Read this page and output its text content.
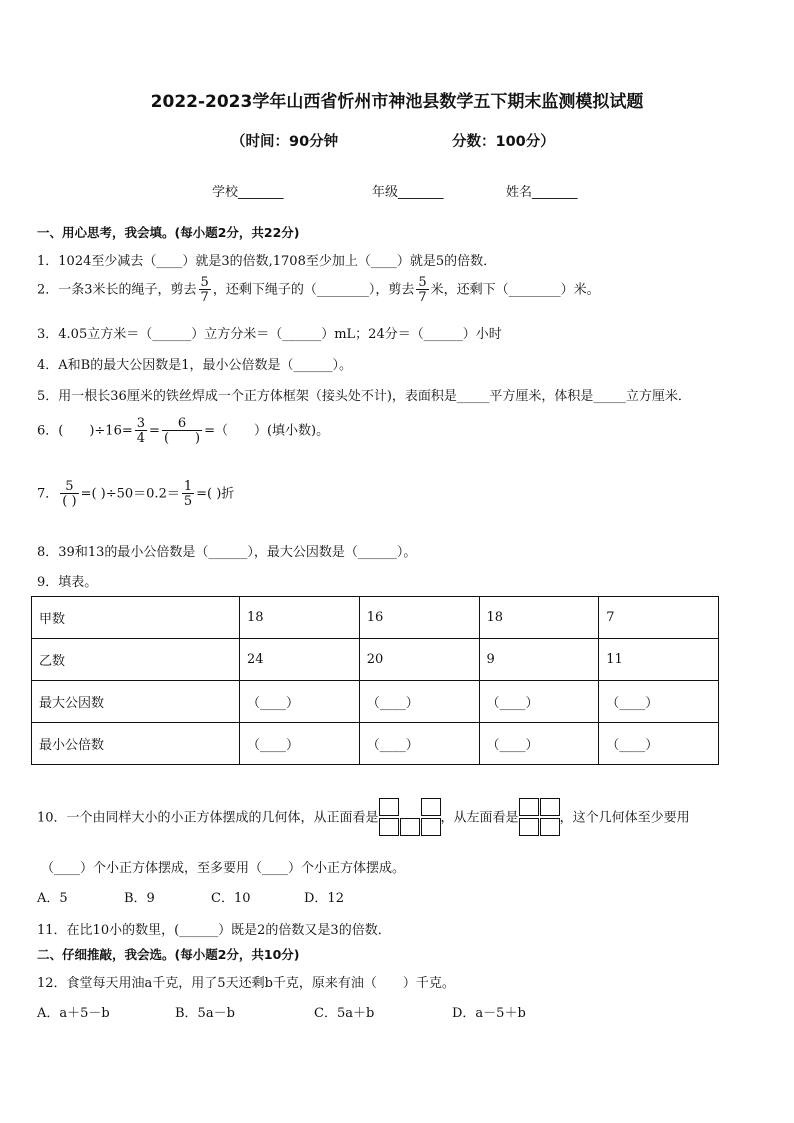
2022-2023学年山西省忻州市神池县数学五下期末监测模拟试题
（时间：90分钟	分数：100分）
学校_______	年级_______	姓名_______
一、用心思考，我会填。(每小题2分，共22分)
1．1024至少减去（____）就是3的倍数,1708至少加上（____）就是5的倍数．
2．一条3米长的绳子，剪去 $\frac{5}{7}$ ，还剩下绳子的（________），剪去 $\frac{5}{7}$ 米，还剩下（________）米。
3．4.05立方米＝（______）立方分米＝（______）mL；24分＝（______）小时
4．A和B的最大公因数是1，最小公倍数是（______）。
5．用一根长36厘米的铁丝焊成一个正方体框架（接头处不计)，表面积是_____平方厘米，体积是_____立方厘米．
6．(　　)$\div 16= \frac{3}{4} = \frac{6}{( )}$ =（　　）(填小数)。
7． $\frac{5}{( )}$ =( )$\div 50=0.2= \frac{1}{5}$ =( )折
8．39和13的最小公倍数是（______），最大公因数是（______）。
9．填表。
甲数	18	16	18	7
乙数	24	20	9	11
最大公因数	（____）	（____）	（____）	（____）
最小公倍数	（____）	（____）	（____）	（____）
10．一个由同样大小的小正方体摆成的几何体，从正面看是	，从左面看是	，这个几何体至少要用
（____）个小正方体摆成，至多要用（____）个小正方体摆成。
A．5	B．9	C．10	D．12
11．在比10小的数里，(______）既是2的倍数又是3的倍数．
二、仔细推敲，我会选。(每小题2分，共10分)
12．食堂每天用油a千克，用了5天还剩b千克，原来有油（　　）千克。
A．a＋5－b	B．5a－b	C．5a＋b	D．a－5＋b
